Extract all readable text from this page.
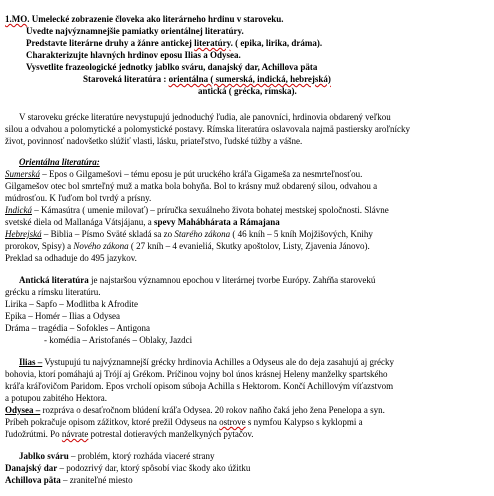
1.MO. Umelecké zobrazenie človeka ako literárneho hrdinu v staroveku.
Uvedte najvýznamnejšie pamiatky orientálnej literatúry.
Predstavte literárne druhy a žánre antickej literatúry. ( epika, lirika, dráma).
Charakterizujte hlavných hrdinov eposu Ilias a Odysea.
Vysvetlite frazeologické jednotky jablko sváru, danajský dar, Achillova päta
Staroveká literatúra : orientálna ( sumerská, indická, hebrejská)
antická ( grécka, rímska).
V staroveku grécke literatúre nevystupujú jednoduchý ľudia, ale panovníci, hrdinovia obdarený veľkou
silou a odvahou a polomytické a polomystické postavy. Rímska literatúra oslavovala najmä pastiersky aroľnícky
život, povinnosť nadovšetko slúžiť vlasti, lásku, priateľstvo, ľudské túžby a vášne.
Orientálna literatúra:
Sumerská – Epos o Gilgamešovi – tému eposu je pút uruckého kráľa Gigameša za nesmrteľnosťou.
Gilgamešov otec bol smrteľný muž a matka bola bohyňa. Bol to krásny muž obdarený silou, odvahou a
múdrosťou. K ľuďom bol tvrdý a prísny.
Indická – Kámasútra ( umenie milovať) – príručka sexuálneho života bohatej mestskej spoločnosti. Slávne
svetské diela od Mallanága Vátsjájanu, a spevy Mahábhárata a Rámajana
Hebrejská – Biblia – Písmo Sväté skladá sa zo Starého zákona ( 46 kníh – 5 kníh Mojžišových, Knihy
prorokov, Spisy) a Nového zákona ( 27 kníh – 4 evanieliá, Skutky apoštolov, Listy, Zjavenia Jánovo).
Preklad sa odhaduje do 495 jazykov.
Antická literatúra je najstaršou významnou epochou v literárnej tvorbe Európy. Zahŕňa starovekú
grécku a rímsku literatúru.
Lirika – Sapfo – Modlitba k Afrodite
Epika – Homér – Ilias a Odysea
Dráma – tragédia – Sofokles – Antigona
- komédia – Aristofanés – Oblaky, Jazdci
Ilias – Vystupujú tu najvýznamnejší grécky hrdinovia Achilles a Odyseus ale do deja zasahujú aj grécky
bohovia, ktorí pomáhajú aj Trójí aj Grékom. Príčinou vojny bol únos krásnej Heleny manželky spartského
kráľa kráľovičom Paridom. Epos vrcholí opisom súboja Achilla s Hektorom. Končí Achillovým víťazstvom
a potupou zabitého Hektora.
Odysea – rozpráva o desaťročnom blúdení kráľa Odysea. 20 rokov naňho čaká jeho žena Penelopa a syn.
Príbeh pokračuje opisom zážitkov, ktoré prežil Odyseus na ostrove s nymfou Kalypso s kyklopmi a
ľudožrútmi. Po návrate potrestal dotieravých manželkyných pytačov.
Jablko sváru – problém, ktorý rozháda viaceré strany
Danajský dar – podozrivý dar, ktorý spôsobí viac škody ako úžitku
Achillova päta – zraniteľné miesto
